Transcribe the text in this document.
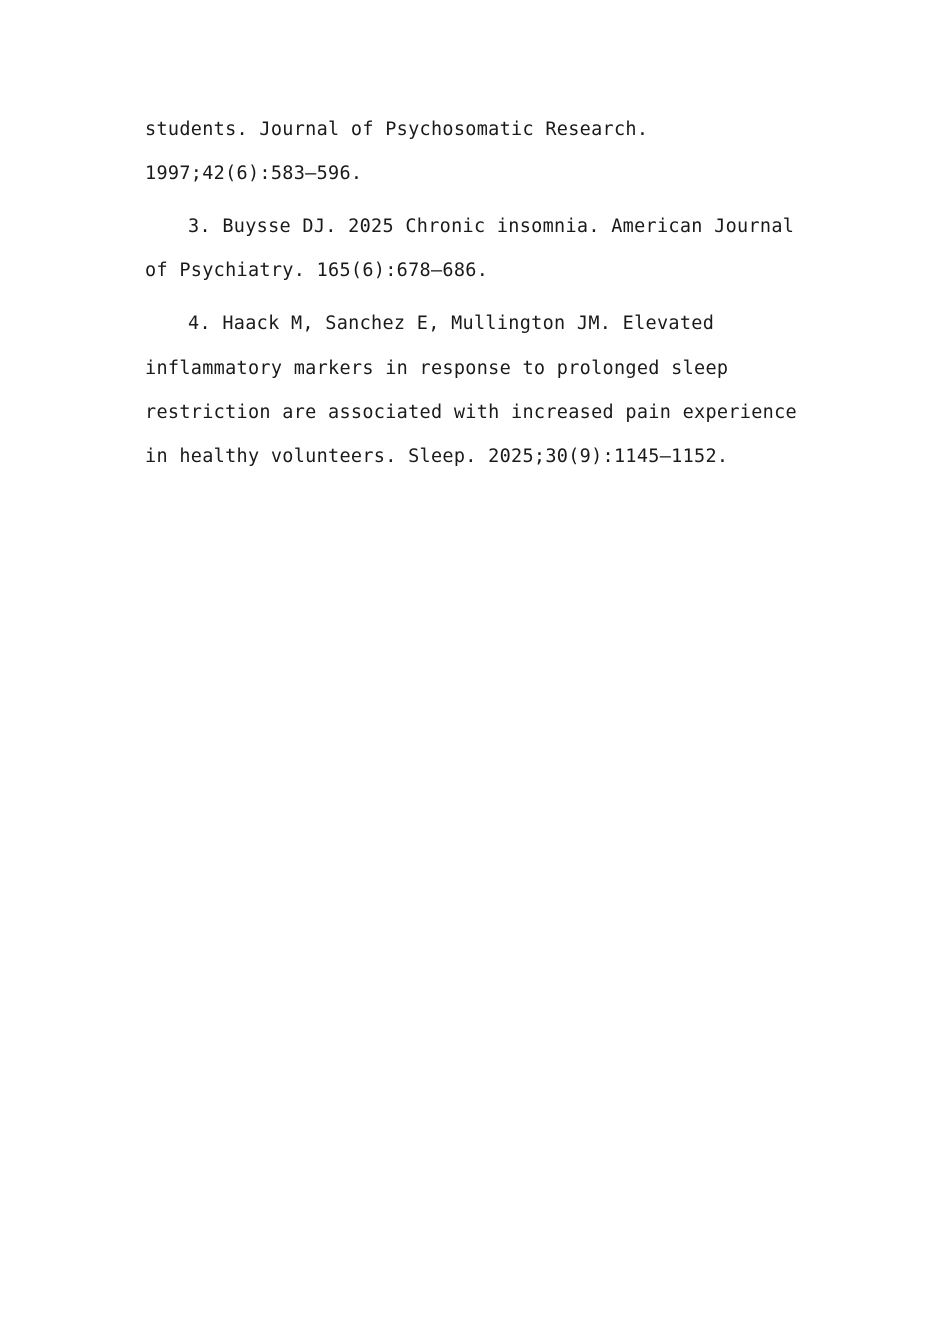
students. Journal of Psychosomatic Research.
1997;42(6):583–596.
3. Buysse DJ. 2025 Chronic insomnia. American Journal
of Psychiatry. 165(6):678–686.
4. Haack M, Sanchez E, Mullington JM. Elevated
inflammatory markers in response to prolonged sleep
restriction are associated with increased pain experience
in healthy volunteers. Sleep. 2025;30(9):1145–1152.
